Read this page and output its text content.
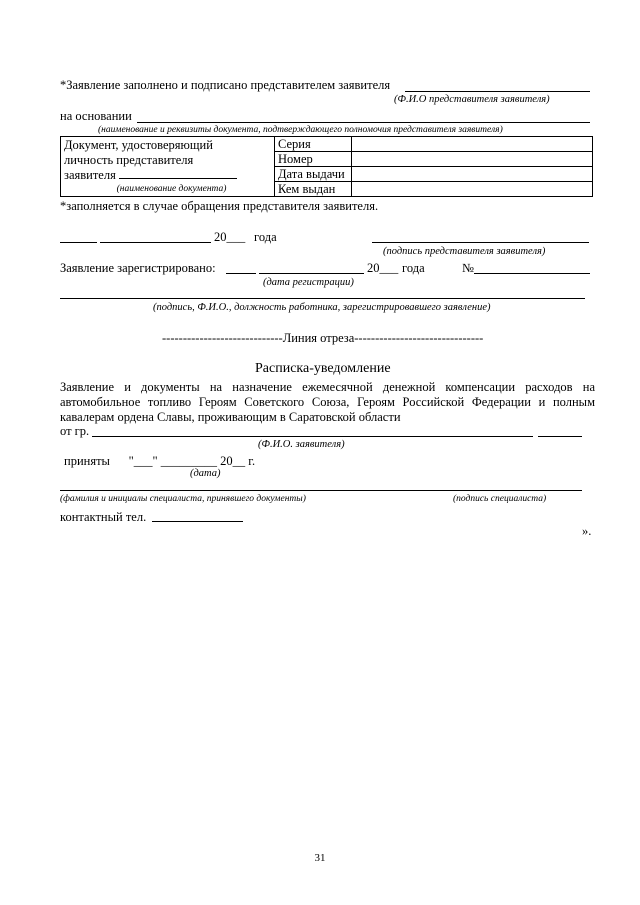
*Заявление заполнено и подписано представителем заявителя
(Ф.И.О представителя заявителя)
на основании
(наименование и реквизиты документа, подтверждающего полномочия представителя заявителя)
Документ, удостоверяющий
личность представителя
заявителя
(наименование документа)	Серия	
	Номер	
	Дата выдачи	
	Кем выдан	
*заполняется в случае обращения представителя заявителя.
20___ года
(подпись представителя заявителя)
Заявление зарегистрировано:	20___ года	№
(дата регистрации)
(подпись, Ф.И.О., должность работника, зарегистрировавшего заявление)
-----------------------------Линия отреза-------------------------------
Расписка-уведомление
Заявление и документы на назначение ежемесячной денежной компенсации расходов на автомобильное топливо Героям Советского Союза, Героям Российской Федерации и полным кавалерам ордена Славы, проживающим в Саратовской области
от гр.
(Ф.И.О. заявителя)
приняты      "___" _________ 20__ г.
(дата)
(фамилия и инициалы специалиста, принявшего документы)	(подпись специалиста)
контактный тел.
».
31
